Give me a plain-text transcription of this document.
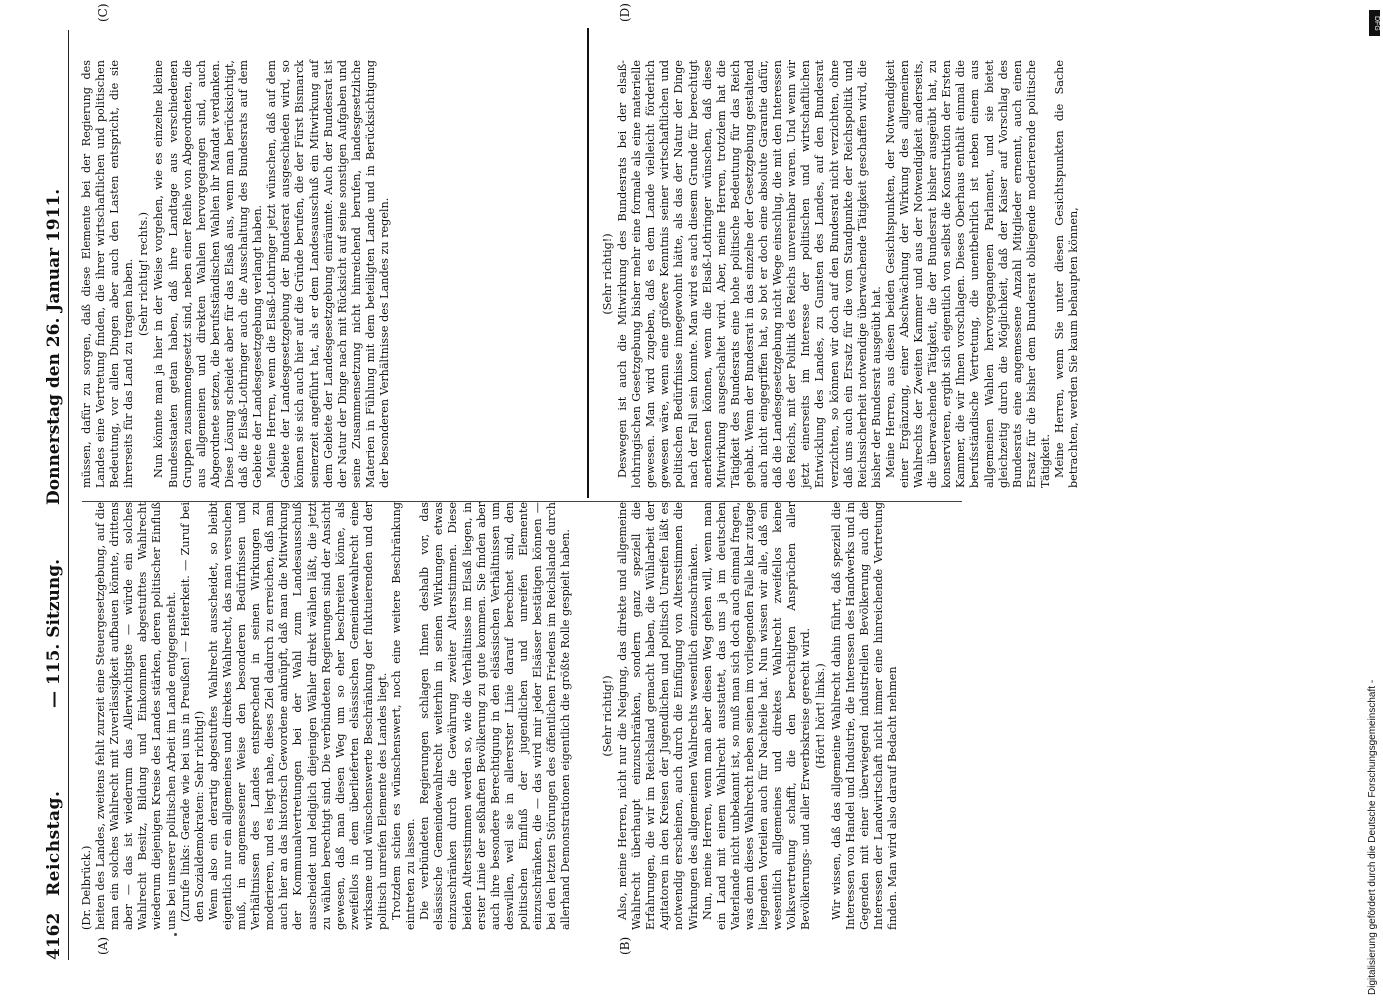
4162
Reichstag.
— 115. Sitzung.
Donnerstag den 26. Januar 1911.
(A)	(B)
(C)	(D)

(Dr. Delbrück.) heiten des Landes, zweitens fehlt zurzeit eine Steuergesetzgebung, auf die man ein solches Wahlrecht mit Zuverlässigkeit aufbauen könnte, drittens aber — das ist wiederum das Allerwichtigste — würde ein solches Wahlrecht Besitz, Bildung und Einkommen abgestufttes Wahlrecht wiederum diejenigen Kreise des Landes stärken, deren politischer Einfluß uns bei unserer politischen Arbeit im Lande entgegensteht. (Zurufe links: Gerade wie bei uns in Preußen! — Heiterkeit. — Zuruf bei den Sozialdemokraten: Sehr richtig!) Wenn also ein derartig abgestuftes Wahlrecht ausscheidet, so bleibt eigentlich nur ein allgemeines und direktes Wahlrecht, das man versuchen muß, in angemessener Weise den besonderen Bedürfnissen und Verhältnissen des Landes entsprechend in seinen Wirkungen zu moderieren, und es liegt nahe, dieses Ziel dadurch zu erreichen, daß man auch hier an das historisch Gewordene anknüpft, daß man die Mitwirkung der Kommunalvertretungen bei der Wahl zum Landesausschuß ausscheidet und lediglich diejenigen Wähler direkt wählen läßt, die jetzt zu wählen berechtigt sind. Die verbündeten Regierungen sind der Ansicht gewesen, daß man diesen Weg um so eher beschreiten könne, als zweifellos in dem überlieferten elsässischen Gemeindewahlrecht eine wirksame und wünschenswerte Beschränkung der fluktuierenden und der politisch unreifen Elemente des Landes liegt. Trotzdem schien es wünschenswert, noch eine weitere Beschränkung eintreten zu lassen. Die verbündeten Regierungen schlagen Ihnen deshalb vor, das elsässische Gemeindewahlrecht weiterhin in seinen Wirkungen etwas einzuschränken durch die Gewährung zweiter Altersstimmen. Diese beiden Altersstimmen werden so, wie die Verhältnisse im Elsaß liegen, in erster Linie der seßhaften Bevölkerung zu gute kommen. Sie finden aber auch ihre besondere Berechtigung in den elsässischen Verhältnissen um deswillen, weil sie in allererster Linie darauf berechnet sind, den politischen Einfluß der jugendlichen und unreifen Elemente einzuschränken, die — das wird mir jeder Elsässer bestätigen können — bei den letzten Störungen des öffentlichen Friedens im Reichslande durch allerhand Demonstrationen eigentlich die größte Rolle gespielt haben.	(Sehr richtig!) Also, meine Herren, nicht nur die Neigung, das direkte und allgemeine Wahlrecht überhaupt einzuschränken, sondern ganz speziell die Erfahrungen, die wir im Reichsland gemacht haben, die Wühlarbeit der Agitatoren in den Kreisen der Jugendlichen und politisch Unreifen läßt es notwendig erscheinen, auch durch die Einfügung von Altersstimmen die Wirkungen des allgemeinen Wahlrechts wesentlich einzuschränken. Nun, meine Herren, wenn man aber diesen Weg gehen will, wenn man ein Land mit einem Wahlrecht ausstattet, das uns ja im deutschen Vaterlande nicht unbekannt ist, so muß man sich doch auch einmal fragen, was denn dieses Wahlrecht neben seinen im vorliegenden Falle klar zutage liegenden Vorteilen auch für Nachteile hat. Nun wissen wir alle, daß ein wesentlich allgemeines und direktes Wahlrecht zweifellos keine Volksvertretung schafft, die den berechtigten Ansprüchen aller Bevölkerungs- und aller Erwerbskreise gerecht wird. (Hört! hört! links.) Wir wissen, daß das allgemeine Wahlrecht dahin führt, daß speziell die Interessen von Handel und Industrie, die Interessen des Handwerks und in Gegenden mit einer überwiegend industriellen Bevölkerung auch die Interessen der Landwirtschaft nicht immer eine hinreichende Vertretung finden. Man wird also darauf Bedacht nehmen

müssen, dafür zu sorgen, daß diese Elemente bei der Regierung des Landes eine Vertretung finden, die ihrer wirtschaftlichen und politischen Bedeutung, vor allen Dingen aber auch den Lasten entspricht, die sie ihrerseits für das Land zu tragen haben. (Sehr richtig! rechts.) Nun könnte man ja hier in der Weise vorgehen, wie es einzelne kleine Bundesstaaten getan haben, daß ihre Landtage aus verschiedenen Gruppen zusammengesetzt sind, neben einer Reihe von Abgeordneten, die aus allgemeinen und direkten Wahlen hervorgegangen sind, auch Abgeordnete setzen, die berufsständischen Wahlen ihr Mandat verdanken. Diese Lösung scheidet aber für das Elsaß aus, wenn man berücksichtigt, daß die Elsaß-Lothringer auch die Ausschaltung des Bundesrats auf dem Gebiete der Landesgesetzgebung verlangt haben. Meine Herren, wenn die Elsaß-Lothringer jetzt wünschen, daß auf dem Gebiete der Landesgesetzgebung der Bundesrat ausgeschieden wird, so können sie sich auch hier auf die Gründe berufen, die der Fürst Bismarck seinerzeit angeführt hat, als er dem Landesausschuß ein Mitwirkung auf dem Gebiete der Landesgesetzgebung einräumte. Auch der Bundesrat ist der Natur der Dinge nach mit Rücksicht auf seine sonstigen Aufgaben und seine Zusammensetzung nicht hinreichend berufen, landesgesetzliche Materien in Fühlung mit dem beteiligten Lande und in Berücksichtigung der besonderen Verhältnisse des Landes zu regeln.	(Sehr richtig!) Deswegen ist auch die Mitwirkung des Bundesrats bei der elsaß-lothringischen Gesetzgebung bisher mehr eine formale als eine materielle gewesen. Man wird zugeben, daß es dem Lande vielleicht förderlich gewesen wäre, wenn eine größere Kenntnis seiner wirtschaftlichen und politischen Bedürfnisse innegewohnt hätte, als das der Natur der Dinge nach der Fall sein konnte. Man wird es auch diesem Grunde für berechtigt anerkennen können, wenn die Elsaß-Lothringer wünschen, daß diese Mitwirkung ausgeschaltet wird. Aber, meine Herren, trotzdem hat die Tätigkeit des Bundesrats eine hohe politische Bedeutung für das Reich gehabt. Wenn der Bundesrat in das einzelne der Gesetzgebung gestaltend auch nicht eingegriffen hat, so bot er doch eine absolute Garantie dafür, daß die Landesgesetzgebung nicht Wege einschlug, die mit den Interessen des Reichs, mit der Politik des Reichs unvereinbar waren. Und wenn wir jetzt einerseits im Interesse der politischen und wirtschaftlichen Entwicklung des Landes, zu Gunsten des Landes, auf den Bundesrat verzichten, so können wir doch auf den Bundesrat nicht verzichten, ohne daß uns auch ein Ersatz für die vom Standpunkte der Reichspolitik und Reichssicherheit notwendige überwachende Tätigkeit geschaffen wird, die bisher der Bundesrat ausgeübt hat. Meine Herren, aus diesen beiden Gesichtspunkten, der Notwendigkeit einer Ergänzung, einer Abschwächung der Wirkung des allgemeinen Wahlrechts der Zweiten Kammer und aus der Notwendigkeit anderseits, die überwachende Tätigkeit, die der Bundesrat bisher ausgeübt hat, zu konservieren, ergibt sich eigentlich von selbst die Konstruktion der Ersten Kammer, die wir Ihnen vorschlagen. Dieses Oberhaus enthält einmal die berufsständische Vertretung, die unentbehrlich ist neben einem aus allgemeinen Wahlen hervorgegangenen Parlament, und sie bietet gleichzeitig durch die Möglichkeit, daß der Kaiser auf Vorschlag des Bundesrats eine angemessene Anzahl Mitglieder ernennt, auch einen Ersatz für die bisher dem Bundesrat obliegende moderierende politische Tätigkeit. Meine Herren, wenn Sie unter diesen Gesichtspunkten die Sache betrachten, werden Sie kaum behaupten können,

Digitalisierung gefördert durch die Deutsche Forschungsgemeinschaft -
DFG
